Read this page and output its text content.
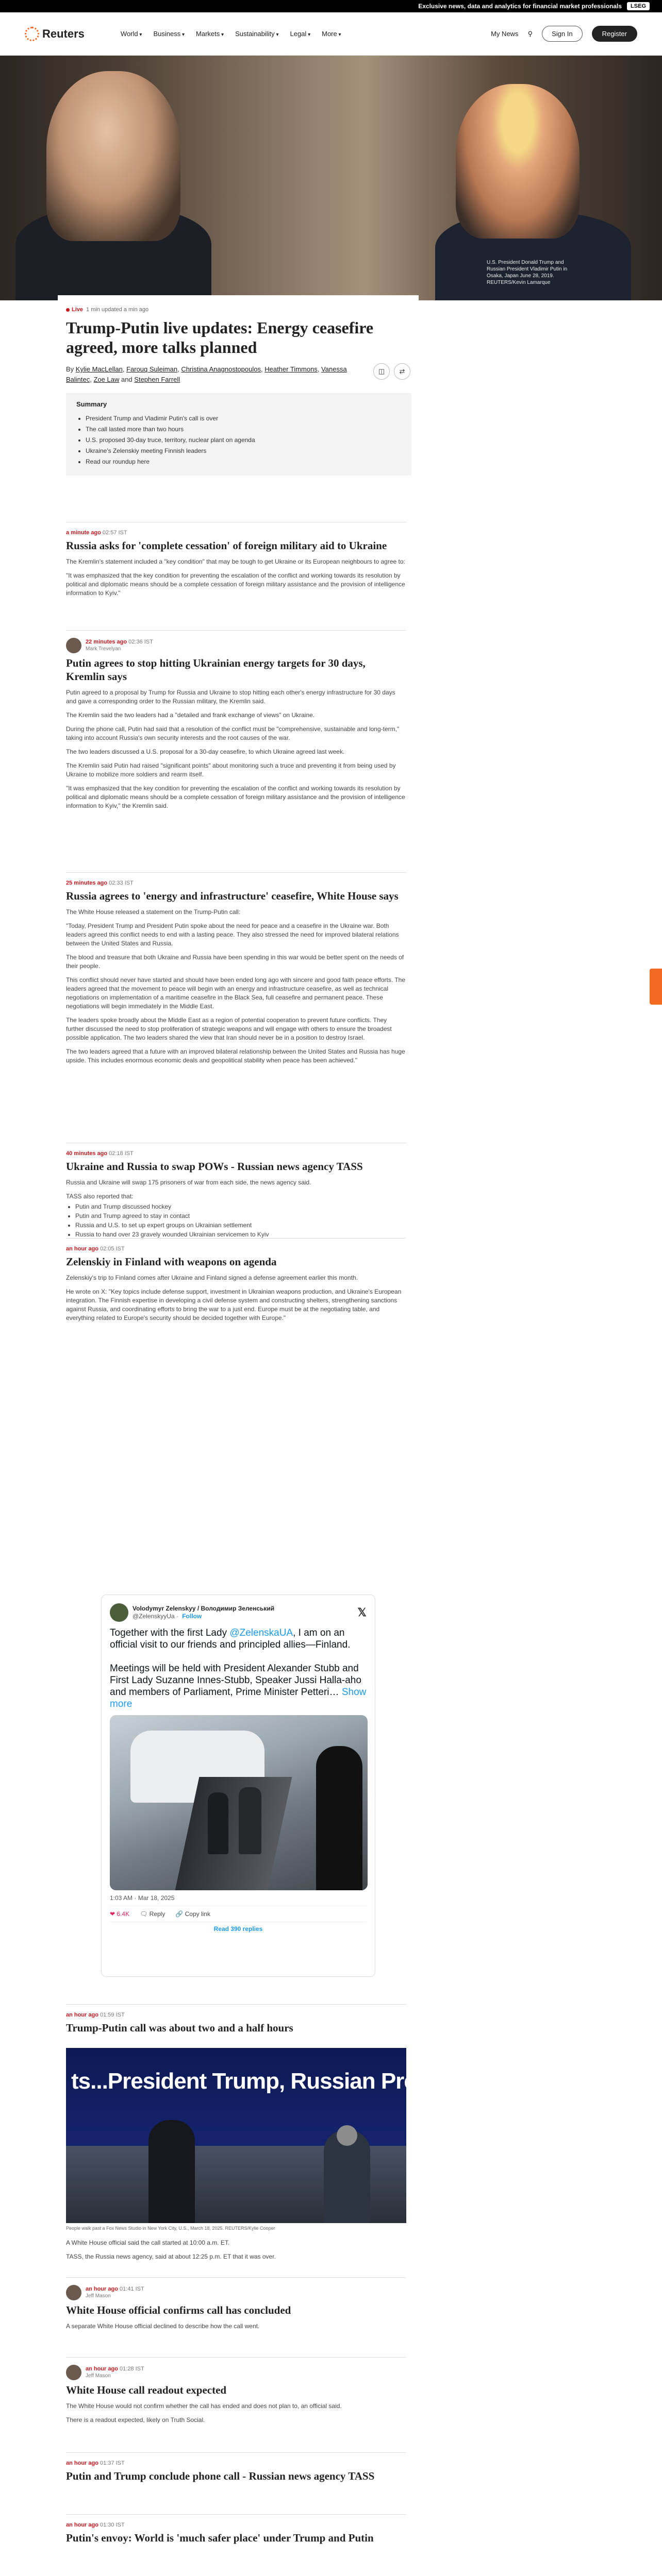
Exclusive news, data and analytics for financial market professionals	LSEG
Reuters	World ▾	Business ▾	Markets ▾	Sustainability ▾	Legal ▾	More ▾	My News ⚲	Sign In	Register
U.S. President Donald Trump and Russian President Vladimir Putin in Osaka, Japan June 28, 2019. REUTERS/Kevin Lamarque
Live 1 min updated a min ago
Trump-Putin live updates: Energy ceasefire agreed, more talks planned
By Kylie MacLellan, Farouq Suleiman, Christina Anagnostopoulos, Heather Timmons, Vanessa Balintec, Zoe Law and Stephen Farrell
◫	⇄
Summary
• President Trump and Vladimir Putin's call is over
• The call lasted more than two hours
• U.S. proposed 30-day truce, territory, nuclear plant on agenda
• Ukraine's Zelenskiy meeting Finnish leaders
• Read our roundup here
a minute ago 02:57 IST
Russia asks for 'complete cessation' of foreign military aid to Ukraine

The Kremlin's statement included a "key condition" that may be tough to get Ukraine or its European neighbours to agree to:

"It was emphasized that the key condition for preventing the escalation of the conflict and working towards its resolution by political and diplomatic means should be a complete cessation of foreign military assistance and the provision of intelligence information to Kyiv."

22 minutes ago 02:36 IST
Mark Trevelyan
Putin agrees to stop hitting Ukrainian energy targets for 30 days, Kremlin says

Putin agreed to a proposal by Trump for Russia and Ukraine to stop hitting each other's energy infrastructure for 30 days and gave a corresponding order to the Russian military, the Kremlin said.

The Kremlin said the two leaders had a "detailed and frank exchange of views" on Ukraine.

During the phone call, Putin had said that a resolution of the conflict must be "comprehensive, sustainable and long-term," taking into account Russia's own security interests and the root causes of the war.

The two leaders discussed a U.S. proposal for a 30-day ceasefire, to which Ukraine agreed last week.

The Kremlin said Putin had raised "significant points" about monitoring such a truce and preventing it from being used by Ukraine to mobilize more soldiers and rearm itself.

"It was emphasized that the key condition for preventing the escalation of the conflict and working towards its resolution by political and diplomatic means should be a complete cessation of foreign military assistance and the provision of intelligence information to Kyiv," the Kremlin said.

25 minutes ago 02:33 IST
Russia agrees to 'energy and infrastructure' ceasefire, White House says

The White House released a statement on the Trump-Putin call:

"Today, President Trump and President Putin spoke about the need for peace and a ceasefire in the Ukraine war. Both leaders agreed this conflict needs to end with a lasting peace. They also stressed the need for improved bilateral relations between the United States and Russia.

The blood and treasure that both Ukraine and Russia have been spending in this war would be better spent on the needs of their people.

This conflict should never have started and should have been ended long ago with sincere and good faith peace efforts. The leaders agreed that the movement to peace will begin with an energy and infrastructure ceasefire, as well as technical negotiations on implementation of a maritime ceasefire in the Black Sea, full ceasefire and permanent peace. These negotiations will begin immediately in the Middle East.

The leaders spoke broadly about the Middle East as a region of potential cooperation to prevent future conflicts. They further discussed the need to stop proliferation of strategic weapons and will engage with others to ensure the broadest possible application. The two leaders shared the view that Iran should never be in a position to destroy Israel.

The two leaders agreed that a future with an improved bilateral relationship between the United States and Russia has huge upside. This includes enormous economic deals and geopolitical stability when peace has been achieved."

40 minutes ago 02:18 IST
Ukraine and Russia to swap POWs - Russian news agency TASS

Russia and Ukraine will swap 175 prisoners of war from each side, the news agency said.

TASS also reported that:

• Putin and Trump discussed hockey
• Putin and Trump agreed to stay in contact
• Russia and U.S. to set up expert groups on Ukrainian settlement
• Russia to hand over 23 gravely wounded Ukrainian servicemen to Kyiv
an hour ago 02:05 IST
Zelenskiy in Finland with weapons on agenda

Zelenskiy's trip to Finland comes after Ukraine and Finland signed a defense agreement earlier this month.

He wrote on X: "Key topics include defense support, investment in Ukrainian weapons production, and Ukraine's European integration. The Finnish expertise in developing a civil defense system and constructing shelters, strengthening sanctions against Russia, and coordinating efforts to bring the war to a just end. Europe must be at the negotiating table, and everything related to Europe's security should be decided together with Europe."

Volodymyr Zelenskyy / Володимир Зеленський
@ZelenskyyUa · Follow	𝕏
Together with the first Lady @ZelenskaUA, I am on an official visit to our friends and principled allies—Finland.

Meetings will be held with President Alexander Stubb and First Lady Suzanne Innes-Stubb, Speaker Jussi Halla-aho and members of Parliament, Prime Minister Petteri… Show more
1:03 AM · Mar 18, 2025
❤ 6.4K 🗨 Reply 🔗 Copy link
Read 390 replies
an hour ago 01:59 IST
Trump-Putin call was about two and a half hours
ts...President Trump, Russian President Putin to speak
People walk past a Fox News Studio in New York City, U.S., March 18, 2025. REUTERS/Kylie Cooper

A White House official said the call started at 10:00 a.m. ET.

TASS, the Russia news agency, said at about 12:25 p.m. ET that it was over.

an hour ago 01:41 IST
Jeff Mason
White House official confirms call has concluded

A separate White House official declined to describe how the call went.

an hour ago 01:28 IST
Jeff Mason
White House call readout expected

The White House would not confirm whether the call has ended and does not plan to, an official said.

There is a readout expected, likely on Truth Social.

an hour ago 01:37 IST
Putin and Trump conclude phone call - Russian news agency TASS
an hour ago 01:30 IST
Putin's envoy: World is 'much safer place' under Trump and Putin
